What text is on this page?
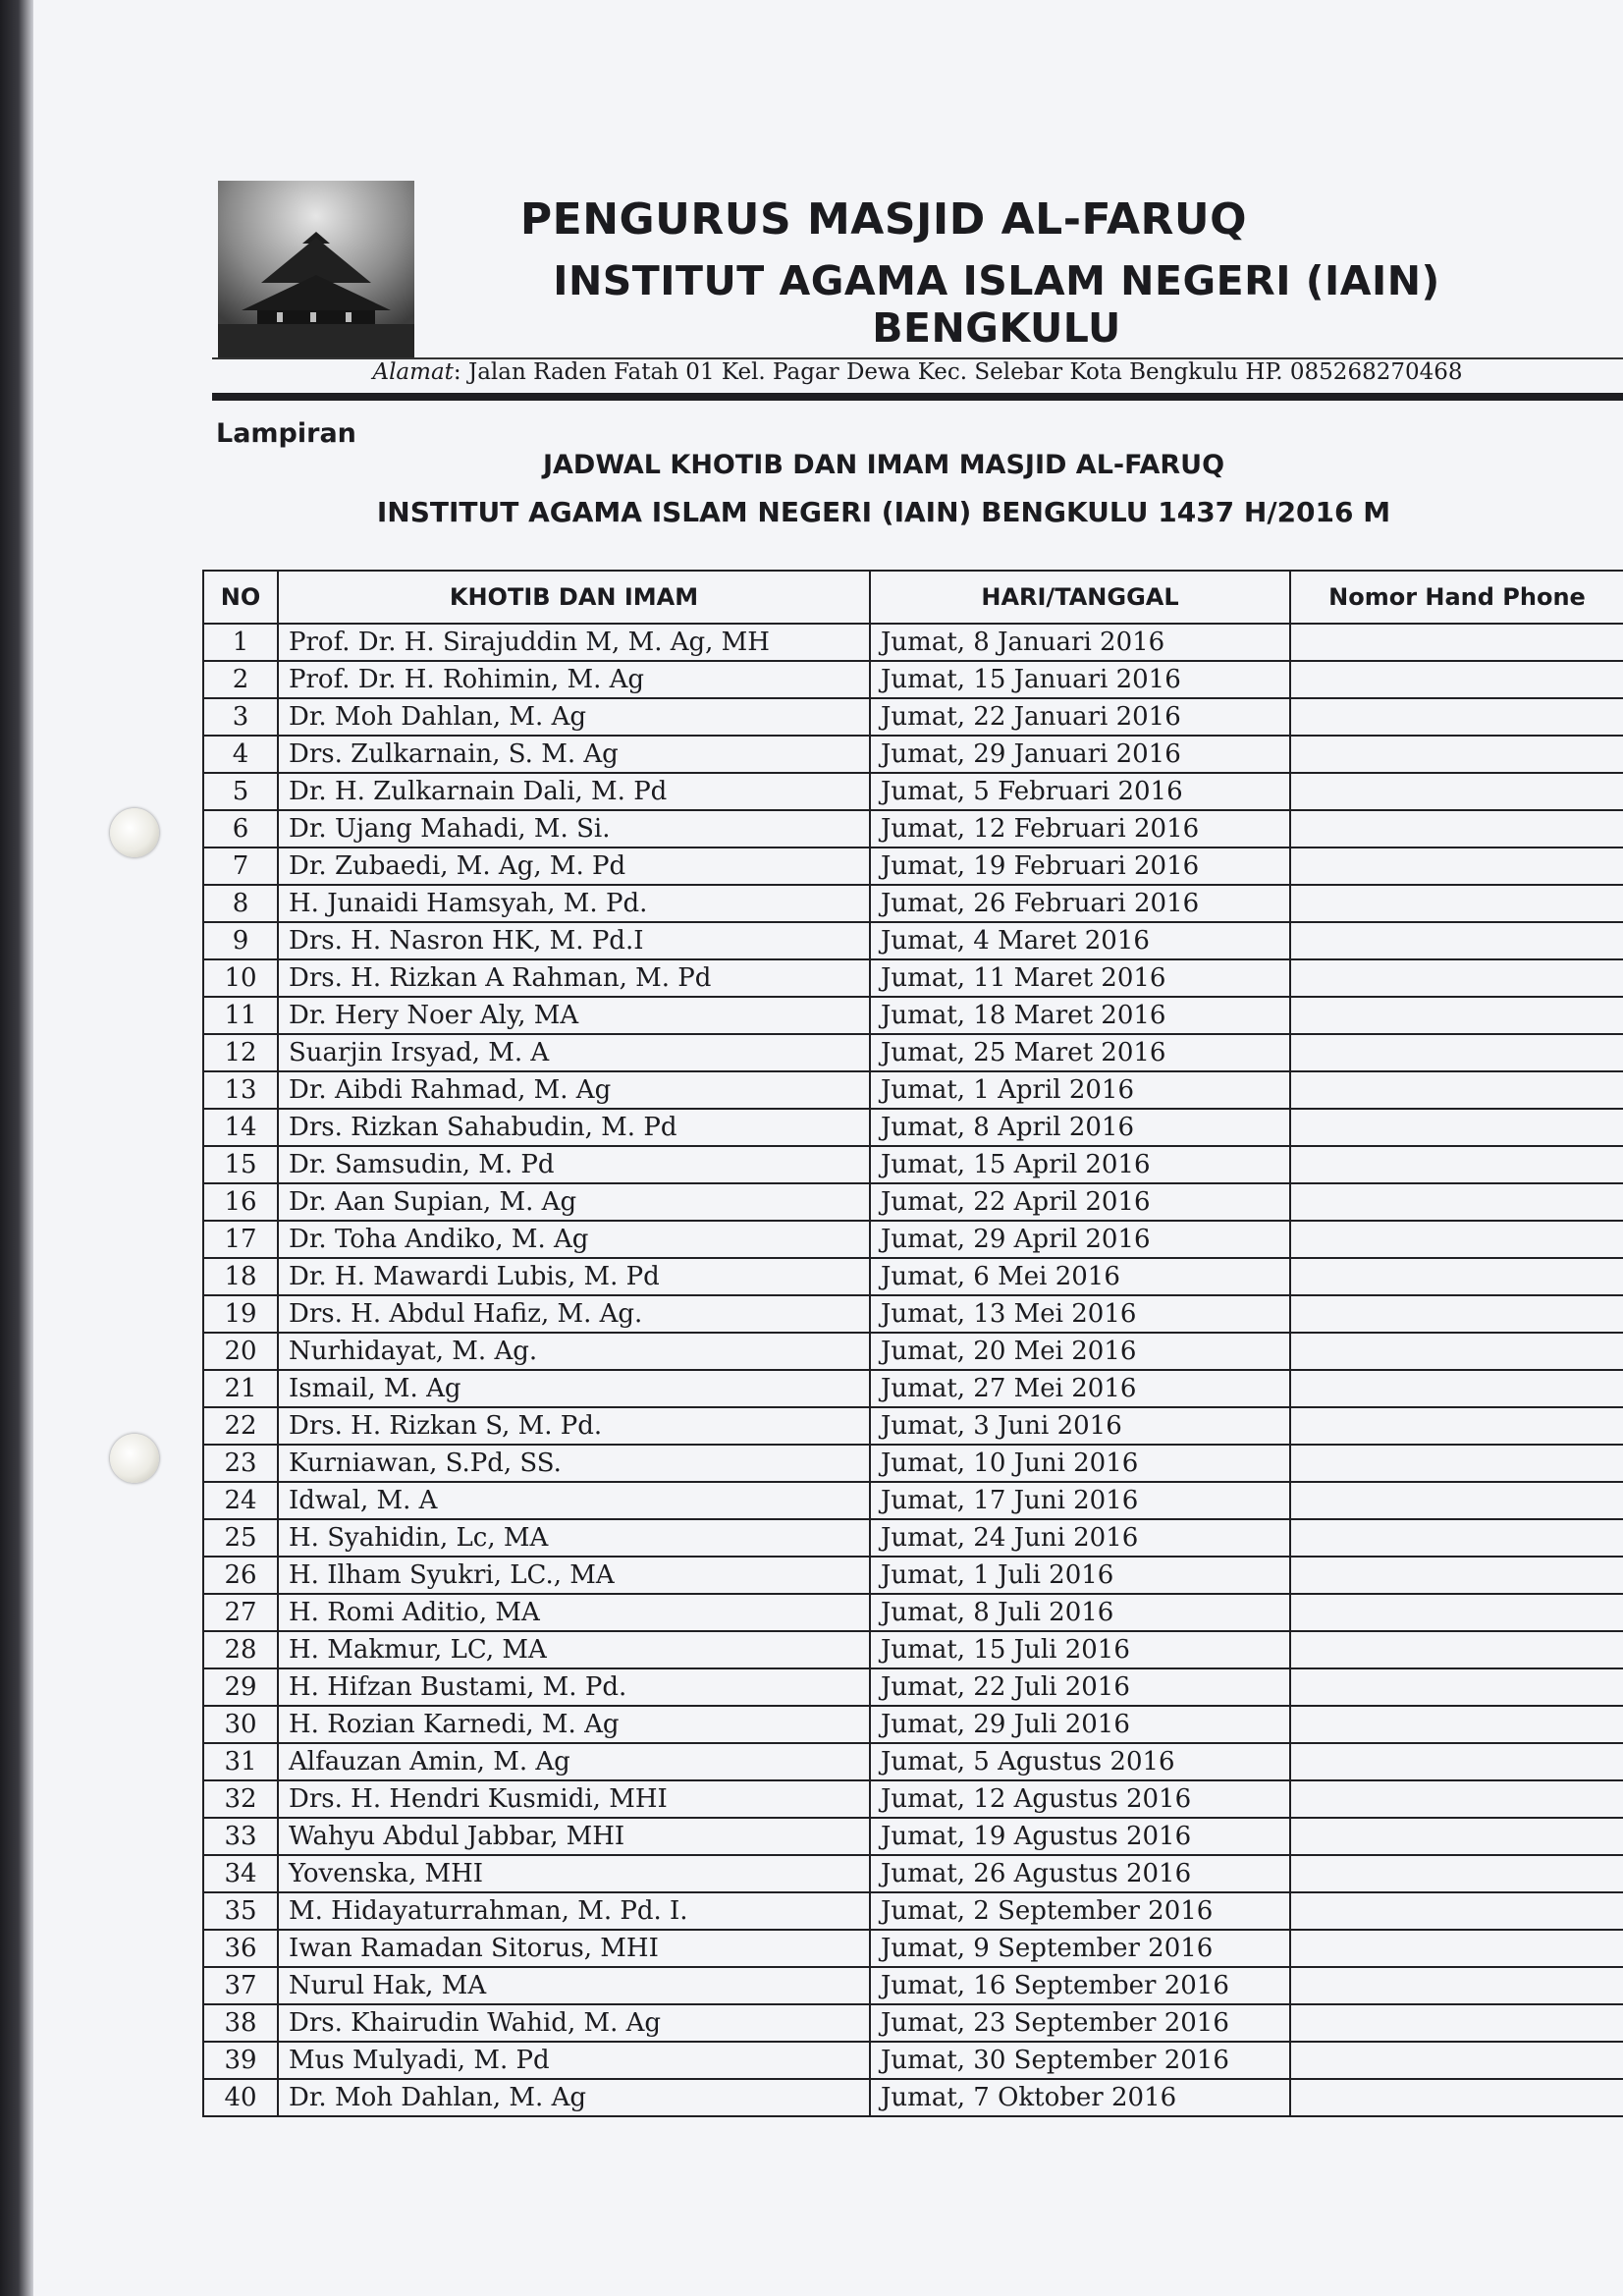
PENGURUS MASJID AL-FARUQ
INSTITUT AGAMA ISLAM NEGERI (IAIN) BENGKULU
Alamat: Jalan Raden Fatah 01 Kel. Pagar Dewa Kec. Selebar Kota Bengkulu HP. 085268270468
Lampiran
JADWAL KHOTIB DAN IMAM MASJID AL-FARUQ
INSTITUT AGAMA ISLAM NEGERI (IAIN) BENGKULU 1437 H/2016 M
NO	KHOTIB DAN IMAM	HARI/TANGGAL	Nomor Hand Phone
1	Prof. Dr. H. Sirajuddin M, M. Ag, MH	Jumat, 8 Januari 2016	
2	Prof. Dr. H. Rohimin, M. Ag	Jumat, 15 Januari 2016	
3	Dr. Moh Dahlan, M. Ag	Jumat, 22 Januari 2016	
4	Drs. Zulkarnain, S. M. Ag	Jumat, 29 Januari 2016	
5	Dr. H. Zulkarnain Dali, M. Pd	Jumat, 5 Februari 2016	
6	Dr. Ujang Mahadi, M. Si.	Jumat, 12 Februari 2016	
7	Dr. Zubaedi, M. Ag, M. Pd	Jumat, 19 Februari 2016	
8	H. Junaidi Hamsyah, M. Pd.	Jumat, 26 Februari 2016	
9	Drs. H. Nasron HK, M. Pd.I	Jumat, 4 Maret 2016	
10	Drs. H. Rizkan A Rahman, M. Pd	Jumat, 11 Maret 2016	
11	Dr. Hery Noer Aly, MA	Jumat, 18 Maret 2016	
12	Suarjin Irsyad, M. A	Jumat, 25 Maret 2016	
13	Dr. Aibdi Rahmad, M. Ag	Jumat, 1 April 2016	
14	Drs. Rizkan Sahabudin, M. Pd	Jumat, 8 April 2016	
15	Dr. Samsudin, M. Pd	Jumat, 15 April 2016	
16	Dr. Aan Supian, M. Ag	Jumat, 22 April 2016	
17	Dr. Toha Andiko, M. Ag	Jumat, 29 April 2016	
18	Dr. H. Mawardi Lubis, M. Pd	Jumat, 6 Mei 2016	
19	Drs. H. Abdul Hafiz, M. Ag.	Jumat, 13 Mei 2016	
20	Nurhidayat, M. Ag.	Jumat, 20 Mei 2016	
21	Ismail, M. Ag	Jumat, 27 Mei 2016	
22	Drs. H. Rizkan S, M. Pd.	Jumat, 3 Juni 2016	
23	Kurniawan, S.Pd, SS.	Jumat, 10 Juni 2016	
24	Idwal, M. A	Jumat, 17 Juni 2016	
25	H. Syahidin, Lc, MA	Jumat, 24 Juni 2016	
26	H. Ilham Syukri, LC., MA	Jumat, 1 Juli 2016	
27	H. Romi Aditio, MA	Jumat, 8 Juli 2016	
28	H. Makmur, LC, MA	Jumat, 15 Juli 2016	
29	H. Hifzan Bustami, M. Pd.	Jumat, 22 Juli 2016	
30	H. Rozian Karnedi, M. Ag	Jumat, 29 Juli 2016	
31	Alfauzan Amin, M. Ag	Jumat, 5 Agustus 2016	
32	Drs. H. Hendri Kusmidi, MHI	Jumat, 12 Agustus 2016	
33	Wahyu Abdul Jabbar, MHI	Jumat, 19 Agustus 2016	
34	Yovenska, MHI	Jumat, 26 Agustus 2016	
35	M. Hidayaturrahman, M. Pd. I.	Jumat, 2 September 2016	
36	Iwan Ramadan Sitorus, MHI	Jumat, 9 September 2016	
37	Nurul Hak, MA	Jumat, 16 September 2016	
38	Drs. Khairudin Wahid, M. Ag	Jumat, 23 September 2016	
39	Mus Mulyadi, M. Pd	Jumat, 30 September 2016	
40	Dr. Moh Dahlan, M. Ag	Jumat, 7 Oktober 2016	
